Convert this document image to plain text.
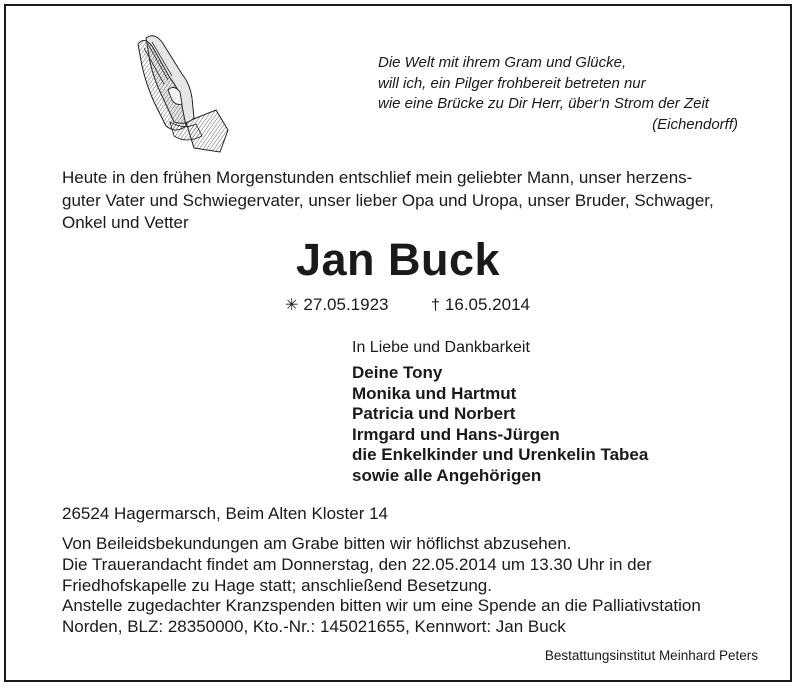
Die Welt mit ihrem Gram und Glücke,
will ich, ein Pilger frohbereit betreten nur
wie eine Brücke zu Dir Herr, über‘n Strom der Zeit
(Eichendorff)
Heute in den frühen Morgenstunden entschlief mein geliebter Mann, unser herzens-
guter Vater und Schwiegervater, unser lieber Opa und Uropa, unser Bruder, Schwager,
Onkel und Vetter
Jan Buck
✳ 27.05.1923	† 16.05.2014
In Liebe und Dankbarkeit
Deine Tony
Monika und Hartmut
Patricia und Norbert
Irmgard und Hans-Jürgen
die Enkelkinder und Urenkelin Tabea
sowie alle Angehörigen
26524 Hagermarsch, Beim Alten Kloster 14
Von Beileidsbekundungen am Grabe bitten wir höflichst abzusehen.
Die Trauerandacht findet am Donnerstag, den 22.05.2014 um 13.30 Uhr in der
Friedhofskapelle zu Hage statt; anschließend Besetzung.
Anstelle zugedachter Kranzspenden bitten wir um eine Spende an die Palliativstation
Norden, BLZ: 28350000, Kto.-Nr.: 145021655, Kennwort: Jan Buck
Bestattungsinstitut Meinhard Peters
